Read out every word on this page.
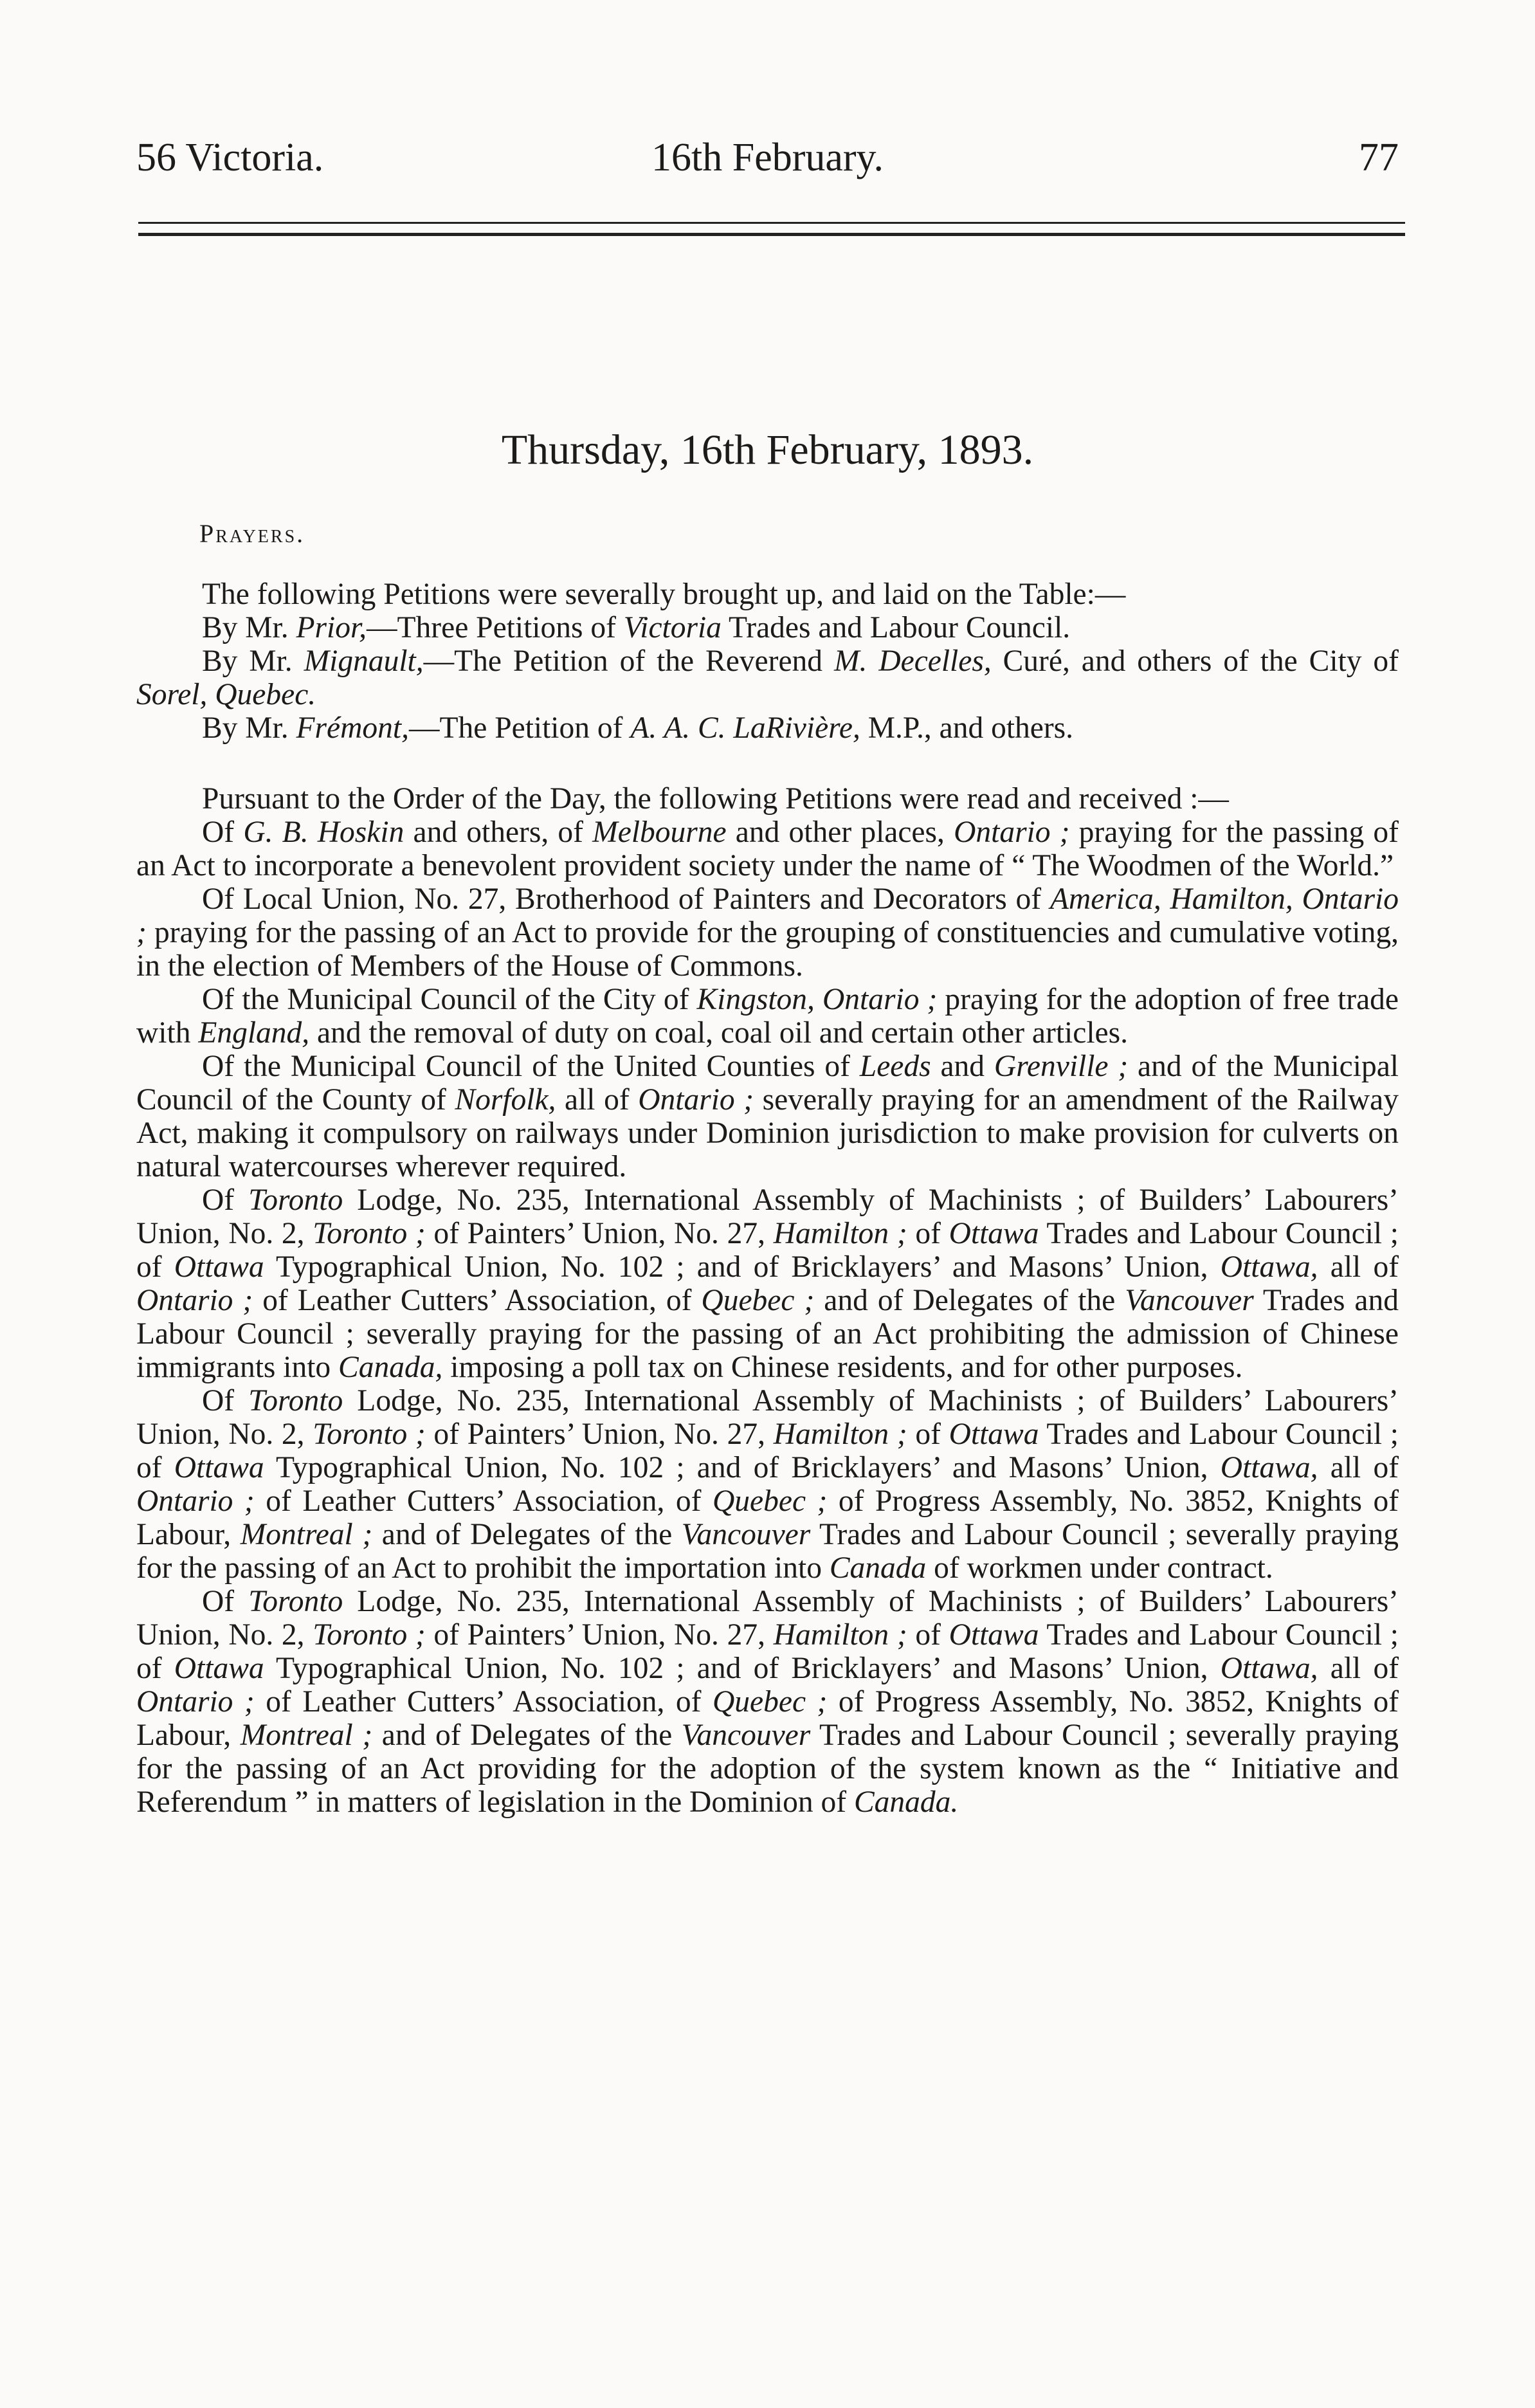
56 Victoria.	16th February.	77
Thursday, 16th February, 1893.
Prayers.

The following Petitions were severally brought up, and laid on the Table:—

By Mr. Prior,—Three Petitions of Victoria Trades and Labour Council.

By Mr. Mignault,—The Petition of the Reverend M. Decelles, Curé, and others of the City of Sorel, Quebec.

By Mr. Frémont,—The Petition of A. A. C. LaRivière, M.P., and others.

Pursuant to the Order of the Day, the following Petitions were read and received :—

Of G. B. Hoskin and others, of Melbourne and other places, Ontario ; praying for the passing of an Act to incorporate a benevolent provident society under the name of “ The Woodmen of the World.”

Of Local Union, No. 27, Brotherhood of Painters and Decorators of America, Hamilton, Ontario ; praying for the passing of an Act to provide for the grouping of constituencies and cumulative voting, in the election of Members of the House of Commons.

Of the Municipal Council of the City of Kingston, Ontario ; praying for the adoption of free trade with England, and the removal of duty on coal, coal oil and certain other articles.

Of the Municipal Council of the United Counties of Leeds and Grenville ; and of the Municipal Council of the County of Norfolk, all of Ontario ; severally praying for an amendment of the Railway Act, making it compulsory on railways under Dominion jurisdiction to make provision for culverts on natural watercourses wherever required.

Of Toronto Lodge, No. 235, International Assembly of Machinists ; of Builders’ Labourers’ Union, No. 2, Toronto ; of Painters’ Union, No. 27, Hamilton ; of Ottawa Trades and Labour Council ; of Ottawa Typographical Union, No. 102 ; and of Bricklayers’ and Masons’ Union, Ottawa, all of Ontario ; of Leather Cutters’ Association, of Quebec ; and of Delegates of the Vancouver Trades and Labour Council ; severally praying for the passing of an Act prohibiting the admission of Chinese immigrants into Canada, imposing a poll tax on Chinese residents, and for other purposes.

Of Toronto Lodge, No. 235, International Assembly of Machinists ; of Builders’ Labourers’ Union, No. 2, Toronto ; of Painters’ Union, No. 27, Hamilton ; of Ottawa Trades and Labour Council ; of Ottawa Typographical Union, No. 102 ; and of Bricklayers’ and Masons’ Union, Ottawa, all of Ontario ; of Leather Cutters’ Association, of Quebec ; of Progress Assembly, No. 3852, Knights of Labour, Montreal ; and of Delegates of the Vancouver Trades and Labour Council ; severally praying for the passing of an Act to prohibit the importation into Canada of workmen under contract.

Of Toronto Lodge, No. 235, International Assembly of Machinists ; of Builders’ Labourers’ Union, No. 2, Toronto ; of Painters’ Union, No. 27, Hamilton ; of Ottawa Trades and Labour Council ; of Ottawa Typographical Union, No. 102 ; and of Bricklayers’ and Masons’ Union, Ottawa, all of Ontario ; of Leather Cutters’ Association, of Quebec ; of Progress Assembly, No. 3852, Knights of Labour, Montreal ; and of Delegates of the Vancouver Trades and Labour Council ; severally praying for the passing of an Act providing for the adoption of the system known as the “ Initiative and Referendum ” in matters of legislation in the Dominion of Canada.
